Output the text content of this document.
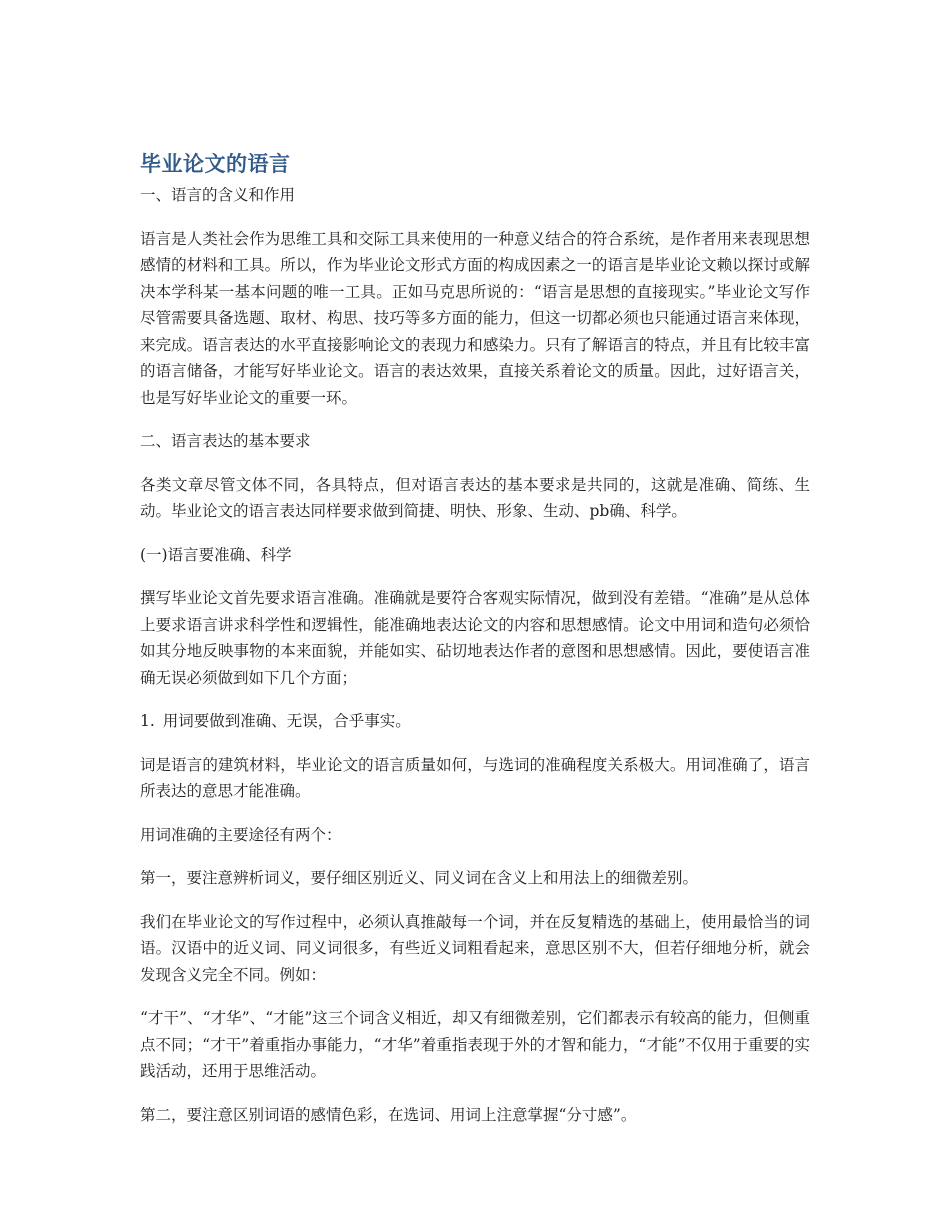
毕业论文的语言

一、语言的含义和作用

语言是人类社会作为思维工具和交际工具来使用的一种意义结合的符合系统，是作者用来表现思想感情的材料和工具。所以，作为毕业论文形式方面的构成因素之一的语言是毕业论文赖以探讨或解决本学科某一基本问题的唯一工具。正如马克思所说的：“语言是思想的直接现实。”毕业论文写作尽管需要具备选题、取材、构思、技巧等多方面的能力，但这一切都必须也只能通过语言来体现，来完成。语言表达的水平直接影响论文的表现力和感染力。只有了解语言的特点，并且有比较丰富的语言储备，才能写好毕业论文。语言的表达效果，直接关系着论文的质量。因此，过好语言关，也是写好毕业论文的重要一环。

二、语言表达的基本要求

各类文章尽管文体不同，各具特点，但对语言表达的基本要求是共同的，这就是准确、简练、生动。毕业论文的语言表达同样要求做到简捷、明快、形象、生动、pb确、科学。

(一)语言要准确、科学

撰写毕业论文首先要求语言准确。准确就是要符合客观实际情况，做到没有差错。“准确”是从总体上要求语言讲求科学性和逻辑性，能准确地表达论文的内容和思想感情。论文中用词和造句必须恰如其分地反映事物的本来面貌，并能如实、砧切地表达作者的意图和思想感情。因此，要使语言准确无误必须做到如下几个方面；

1. 用词要做到准确、无误，合乎事实。

词是语言的建筑材料，毕业论文的语言质量如何，与选词的准确程度关系极大。用词准确了，语言所表达的意思才能准确。

用词准确的主要途径有两个：

第一，要注意辨析词义，要仔细区别近义、同义词在含义上和用法上的细微差别。

我们在毕业论文的写作过程中，必须认真推敲每一个词，并在反复精选的基础上，使用最恰当的词语。汉语中的近义词、同义词很多，有些近义词粗看起来，意思区别不大，但若仔细地分析，就会发现含义完全不同。例如：

“才干”、“才华”、“才能”这三个词含义相近，却又有细微差别，它们都表示有较高的能力，但侧重点不同；“才干”着重指办事能力，“才华”着重指表现于外的才智和能力，“才能”不仅用于重要的实践活动，还用于思维活动。

第二，要注意区别词语的感情色彩，在选词、用词上注意掌握“分寸感”。
